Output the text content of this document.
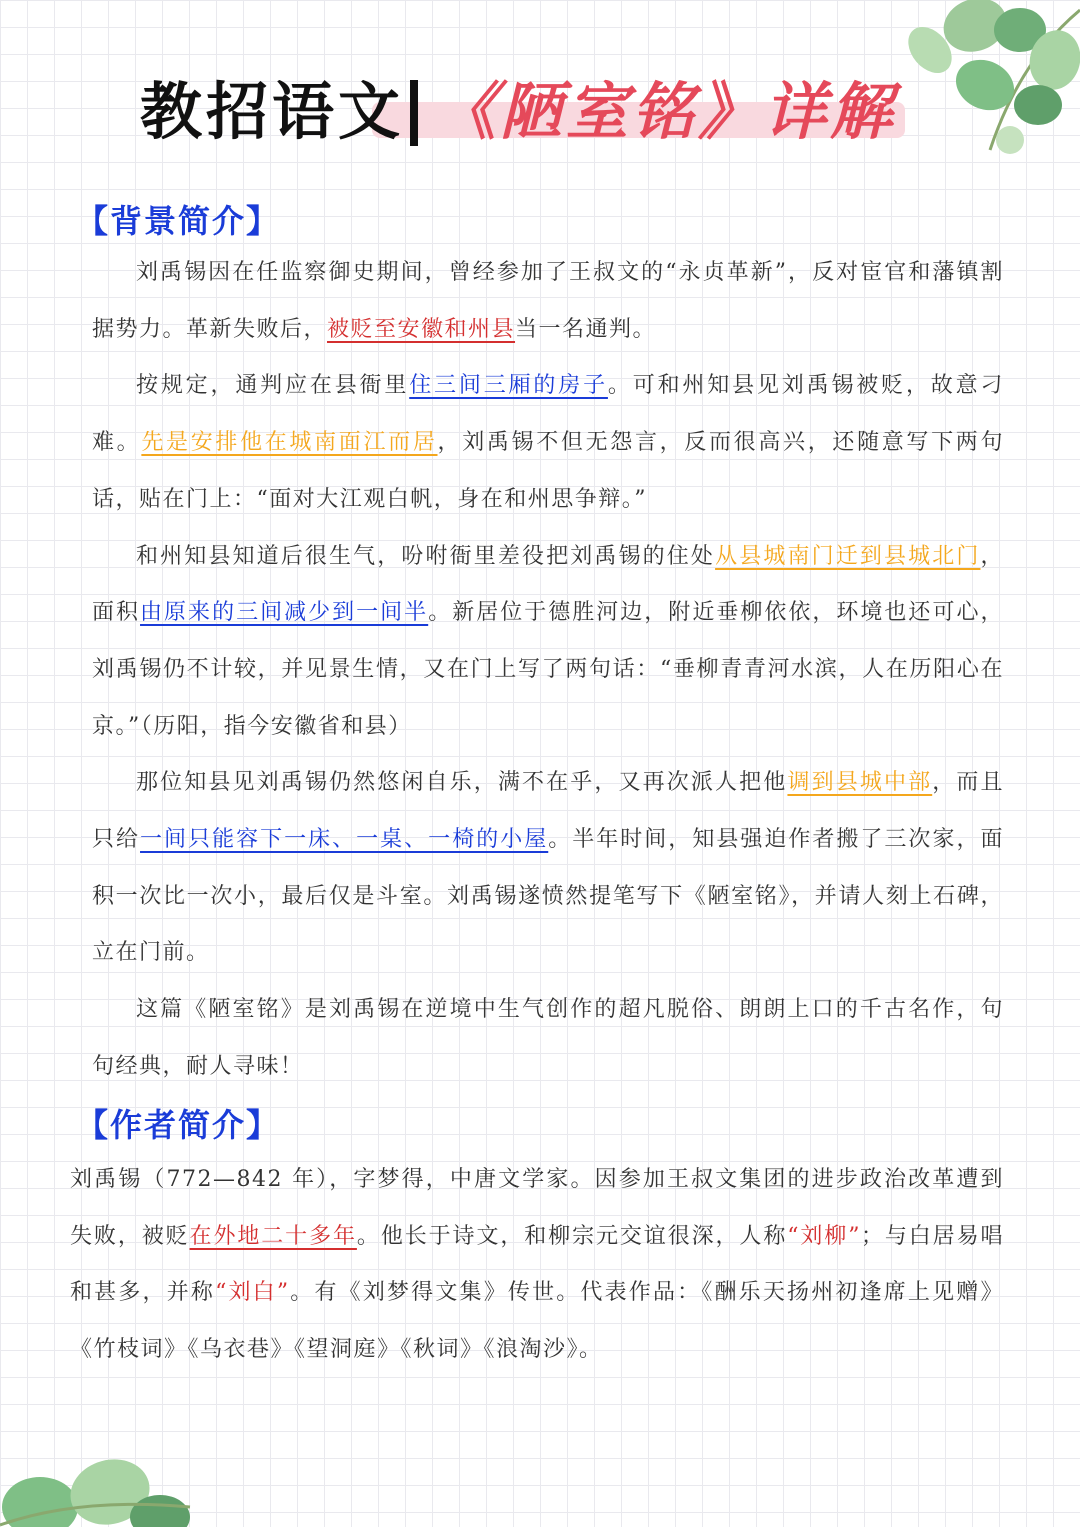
教招语文 《陋室铭》详解
【背景简介】

刘禹锡因在任监察御史期间，曾经参加了王叔文的“永贞革新”，反对宦官和藩镇割据势力。革新失败后，被贬至安徽和州县当一名通判。

按规定，通判应在县衙里住三间三厢的房子。可和州知县见刘禹锡被贬，故意刁难。先是安排他在城南面江而居，刘禹锡不但无怨言，反而很高兴，还随意写下两句话，贴在门上：“面对大江观白帆，身在和州思争辩。”

和州知县知道后很生气，吩咐衙里差役把刘禹锡的住处从县城南门迁到县城北门，面积由原来的三间减少到一间半。新居位于德胜河边，附近垂柳依依，环境也还可心，刘禹锡仍不计较，并见景生情，又在门上写了两句话：“垂柳青青河水滨，人在历阳心在京。”（历阳，指今安徽省和县）

那位知县见刘禹锡仍然悠闲自乐，满不在乎，又再次派人把他调到县城中部，而且只给一间只能容下一床、一桌、一椅的小屋。半年时间，知县强迫作者搬了三次家，面积一次比一次小，最后仅是斗室。刘禹锡遂愤然提笔写下《陋室铭》，并请人刻上石碑，立在门前。

这篇《陋室铭》是刘禹锡在逆境中生气创作的超凡脱俗、朗朗上口的千古名作，句句经典，耐人寻味！

【作者简介】

刘禹锡（772—842 年），字梦得，中唐文学家。因参加王叔文集团的进步政治改革遭到失败，被贬在外地二十多年。他长于诗文，和柳宗元交谊很深，人称“刘柳”；与白居易唱和甚多，并称“刘白”。有《刘梦得文集》传世。代表作品：《酬乐天扬州初逢席上见赠》《竹枝词》《乌衣巷》《望洞庭》《秋词》《浪淘沙》。
